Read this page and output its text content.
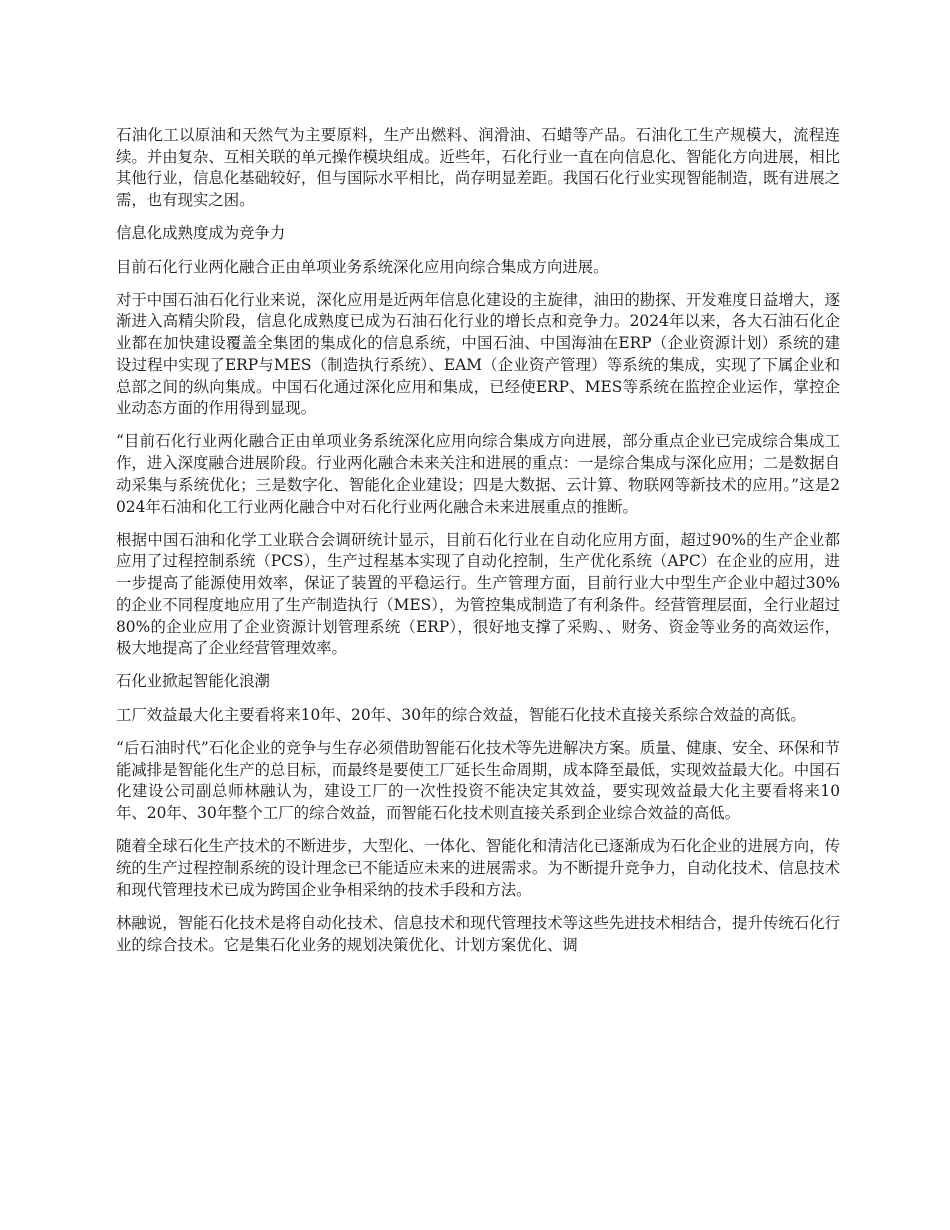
石油化工以原油和天然气为主要原料，生产出燃料、润滑油、石蜡等产品。石油化工生产规模大，流程连续。并由复杂、互相关联的单元操作模块组成。近些年，石化行业一直在向信息化、智能化方向进展，相比其他行业，信息化基础较好，但与国际水平相比，尚存明显差距。我国石化行业实现智能制造，既有进展之需，也有现实之困。

信息化成熟度成为竞争力

目前石化行业两化融合正由单项业务系统深化应用向综合集成方向进展。

对于中国石油石化行业来说，深化应用是近两年信息化建设的主旋律，油田的勘探、开发难度日益增大，逐渐进入高精尖阶段，信息化成熟度已成为石油石化行业的增长点和竞争力。2024年以来，各大石油石化企业都在加快建设覆盖全集团的集成化的信息系统，中国石油、中国海油在ERP（企业资源计划）系统的建设过程中实现了ERP与MES（制造执行系统）、EAM（企业资产管理）等系统的集成，实现了下属企业和总部之间的纵向集成。中国石化通过深化应用和集成，已经使ERP、MES等系统在监控企业运作，掌控企业动态方面的作用得到显现。

“目前石化行业两化融合正由单项业务系统深化应用向综合集成方向进展，部分重点企业已完成综合集成工作，进入深度融合进展阶段。行业两化融合未来关注和进展的重点：一是综合集成与深化应用；二是数据自动采集与系统优化；三是数字化、智能化企业建设；四是大数据、云计算、物联网等新技术的应用。”这是2024年石油和化工行业两化融合中对石化行业两化融合未来进展重点的推断。

根据中国石油和化学工业联合会调研统计显示，目前石化行业在自动化应用方面，超过90%的生产企业都应用了过程控制系统（PCS），生产过程基本实现了自动化控制，生产优化系统（APC）在企业的应用，进一步提高了能源使用效率，保证了装置的平稳运行。生产管理方面，目前行业大中型生产企业中超过30%的企业不同程度地应用了生产制造执行（MES），为管控集成制造了有利条件。经营管理层面，全行业超过80%的企业应用了企业资源计划管理系统（ERP），很好地支撑了采购、、财务、资金等业务的高效运作，极大地提高了企业经营管理效率。

石化业掀起智能化浪潮

工厂效益最大化主要看将来10年、20年、30年的综合效益，智能石化技术直接关系综合效益的高低。

“后石油时代”石化企业的竞争与生存必须借助智能石化技术等先进解决方案。质量、健康、安全、环保和节能减排是智能化生产的总目标，而最终是要使工厂延长生命周期，成本降至最低，实现效益最大化。中国石化建设公司副总师林融认为，建设工厂的一次性投资不能决定其效益，要实现效益最大化主要看将来10年、20年、30年整个工厂的综合效益，而智能石化技术则直接关系到企业综合效益的高低。

随着全球石化生产技术的不断进步，大型化、一体化、智能化和清洁化已逐渐成为石化企业的进展方向，传统的生产过程控制系统的设计理念已不能适应未来的进展需求。为不断提升竞争力，自动化技术、信息技术和现代管理技术已成为跨国企业争相采纳的技术手段和方法。

林融说，智能石化技术是将自动化技术、信息技术和现代管理技术等这些先进技术相结合，提升传统石化行业的综合技术。它是集石化业务的规划决策优化、计划方案优化、调
